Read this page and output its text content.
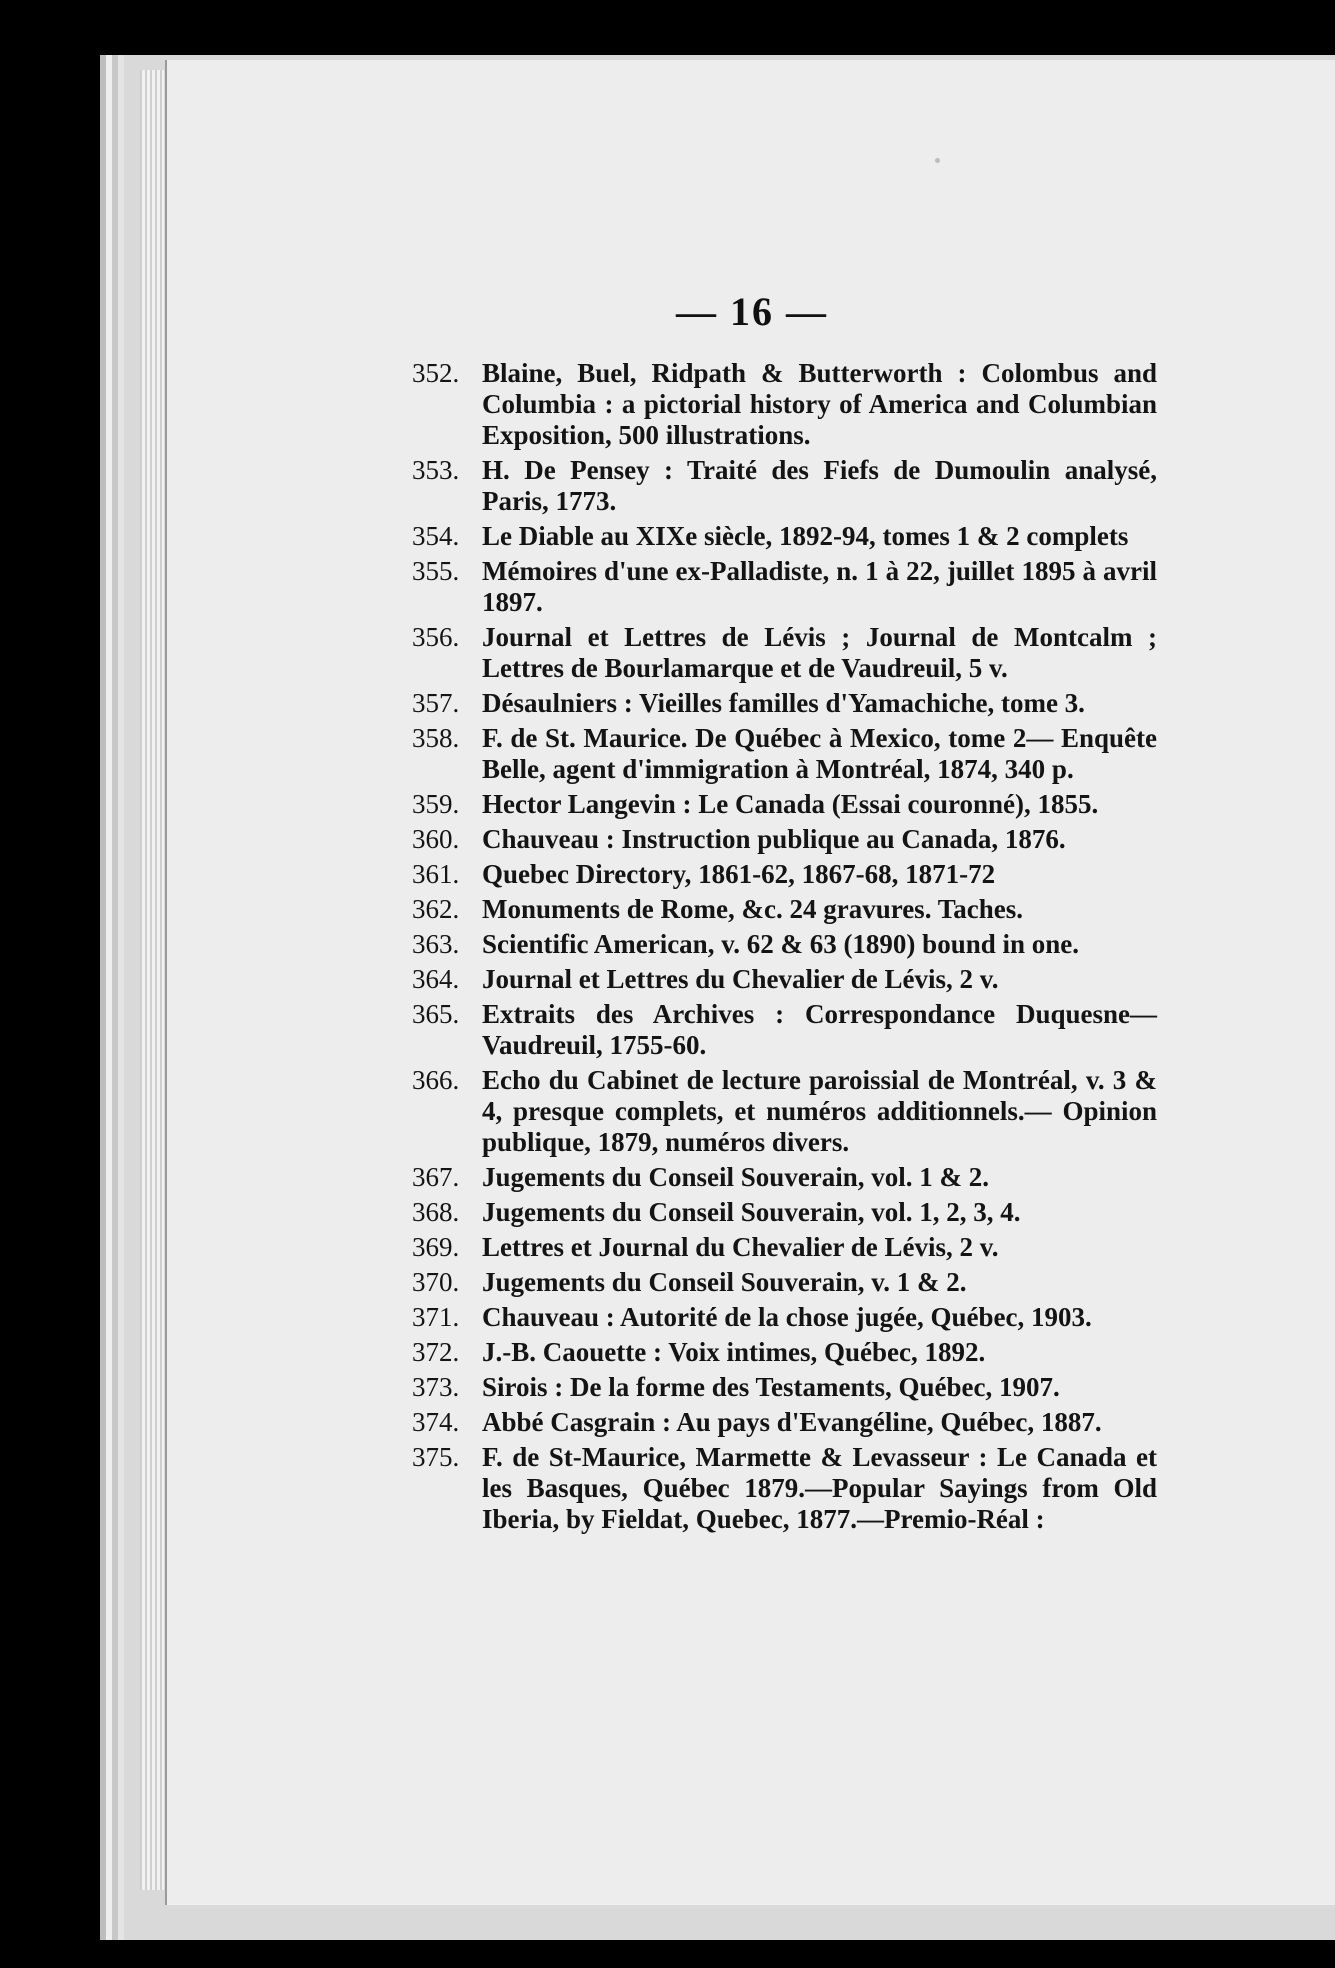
— 16 —
352. Blaine, Buel, Ridpath & Butterworth : Colombus and Columbia : a pictorial history of America and Columbian Exposition, 500 illustrations.
353. H. De Pensey : Traité des Fiefs de Dumoulin analysé, Paris, 1773.
354. Le Diable au XIXe siècle, 1892-94, tomes 1 & 2 complets
355. Mémoires d'une ex-Palladiste, n. 1 à 22, juillet 1895 à avril 1897.
356. Journal et Lettres de Lévis ; Journal de Montcalm ; Lettres de Bourlamarque et de Vaudreuil, 5 v.
357. Désaulniers : Vieilles familles d'Yamachiche, tome 3.
358. F. de St. Maurice. De Québec à Mexico, tome 2— Enquête Belle, agent d'immigration à Montréal, 1874, 340 p.
359. Hector Langevin : Le Canada (Essai couronné), 1855.
360. Chauveau : Instruction publique au Canada, 1876.
361. Quebec Directory, 1861-62, 1867-68, 1871-72
362. Monuments de Rome, &c. 24 gravures. Taches.
363. Scientific American, v. 62 & 63 (1890) bound in one.
364. Journal et Lettres du Chevalier de Lévis, 2 v.
365. Extraits des Archives : Correspondance Duquesne— Vaudreuil, 1755-60.
366. Echo du Cabinet de lecture paroissial de Montréal, v. 3 & 4, presque complets, et numéros additionnels.— Opinion publique, 1879, numéros divers.
367. Jugements du Conseil Souverain, vol. 1 & 2.
368. Jugements du Conseil Souverain, vol. 1, 2, 3, 4.
369. Lettres et Journal du Chevalier de Lévis, 2 v.
370. Jugements du Conseil Souverain, v. 1 & 2.
371. Chauveau : Autorité de la chose jugée, Québec, 1903.
372. J.-B. Caouette : Voix intimes, Québec, 1892.
373. Sirois : De la forme des Testaments, Québec, 1907.
374. Abbé Casgrain : Au pays d'Evangéline, Québec, 1887.
375. F. de St-Maurice, Marmette & Levasseur : Le Canada et les Basques, Québec 1879.—Popular Sayings from Old Iberia, by Fieldat, Quebec, 1877.—Premio-Réal :
